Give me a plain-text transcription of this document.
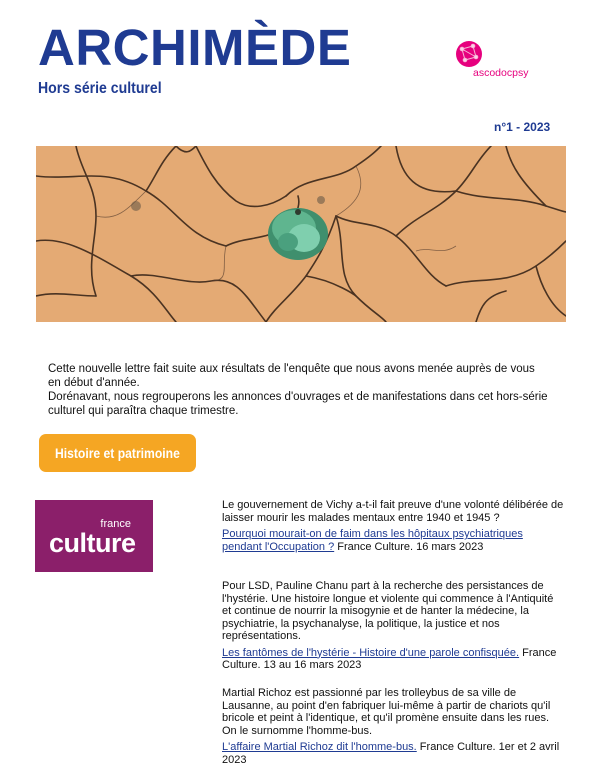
ARCHIMÈDE
Hors série culturel
ascodocpsy
n°1 - 2023

Cette nouvelle lettre fait suite aux résultats de l'enquête que nous avons menée auprès de vous en début d'année.

Dorénavant, nous regrouperons les annonces d'ouvrages et de manifestations dans cet hors-série culturel qui paraîtra chaque trimestre.

Histoire et patrimoine
france
culture

Le gouvernement de Vichy a-t-il fait preuve d'une volonté délibérée de laisser mourir les malades mentaux entre 1940 et 1945 ?

Pourquoi mourait-on de faim dans les hôpitaux psychiatriques pendant l'Occupation ? France Culture. 16 mars 2023

Pour LSD, Pauline Chanu part à la recherche des persistances de l'hystérie. Une histoire longue et violente qui commence à l'Antiquité et continue de nourrir la misogynie et de hanter la médecine, la psychiatrie, la psychanalyse, la politique, la justice et nos représentations.

Les fantômes de l'hystérie - Histoire d'une parole confisquée. France Culture. 13 au 16 mars 2023

Martial Richoz est passionné par les trolleybus de sa ville de Lausanne, au point d'en fabriquer lui-même à partir de chariots qu'il bricole et peint à l'identique, et qu'il promène ensuite dans les rues. On le surnomme l'homme-bus.

L'affaire Martial Richoz dit l'homme-bus. France Culture. 1er et 2 avril 2023
